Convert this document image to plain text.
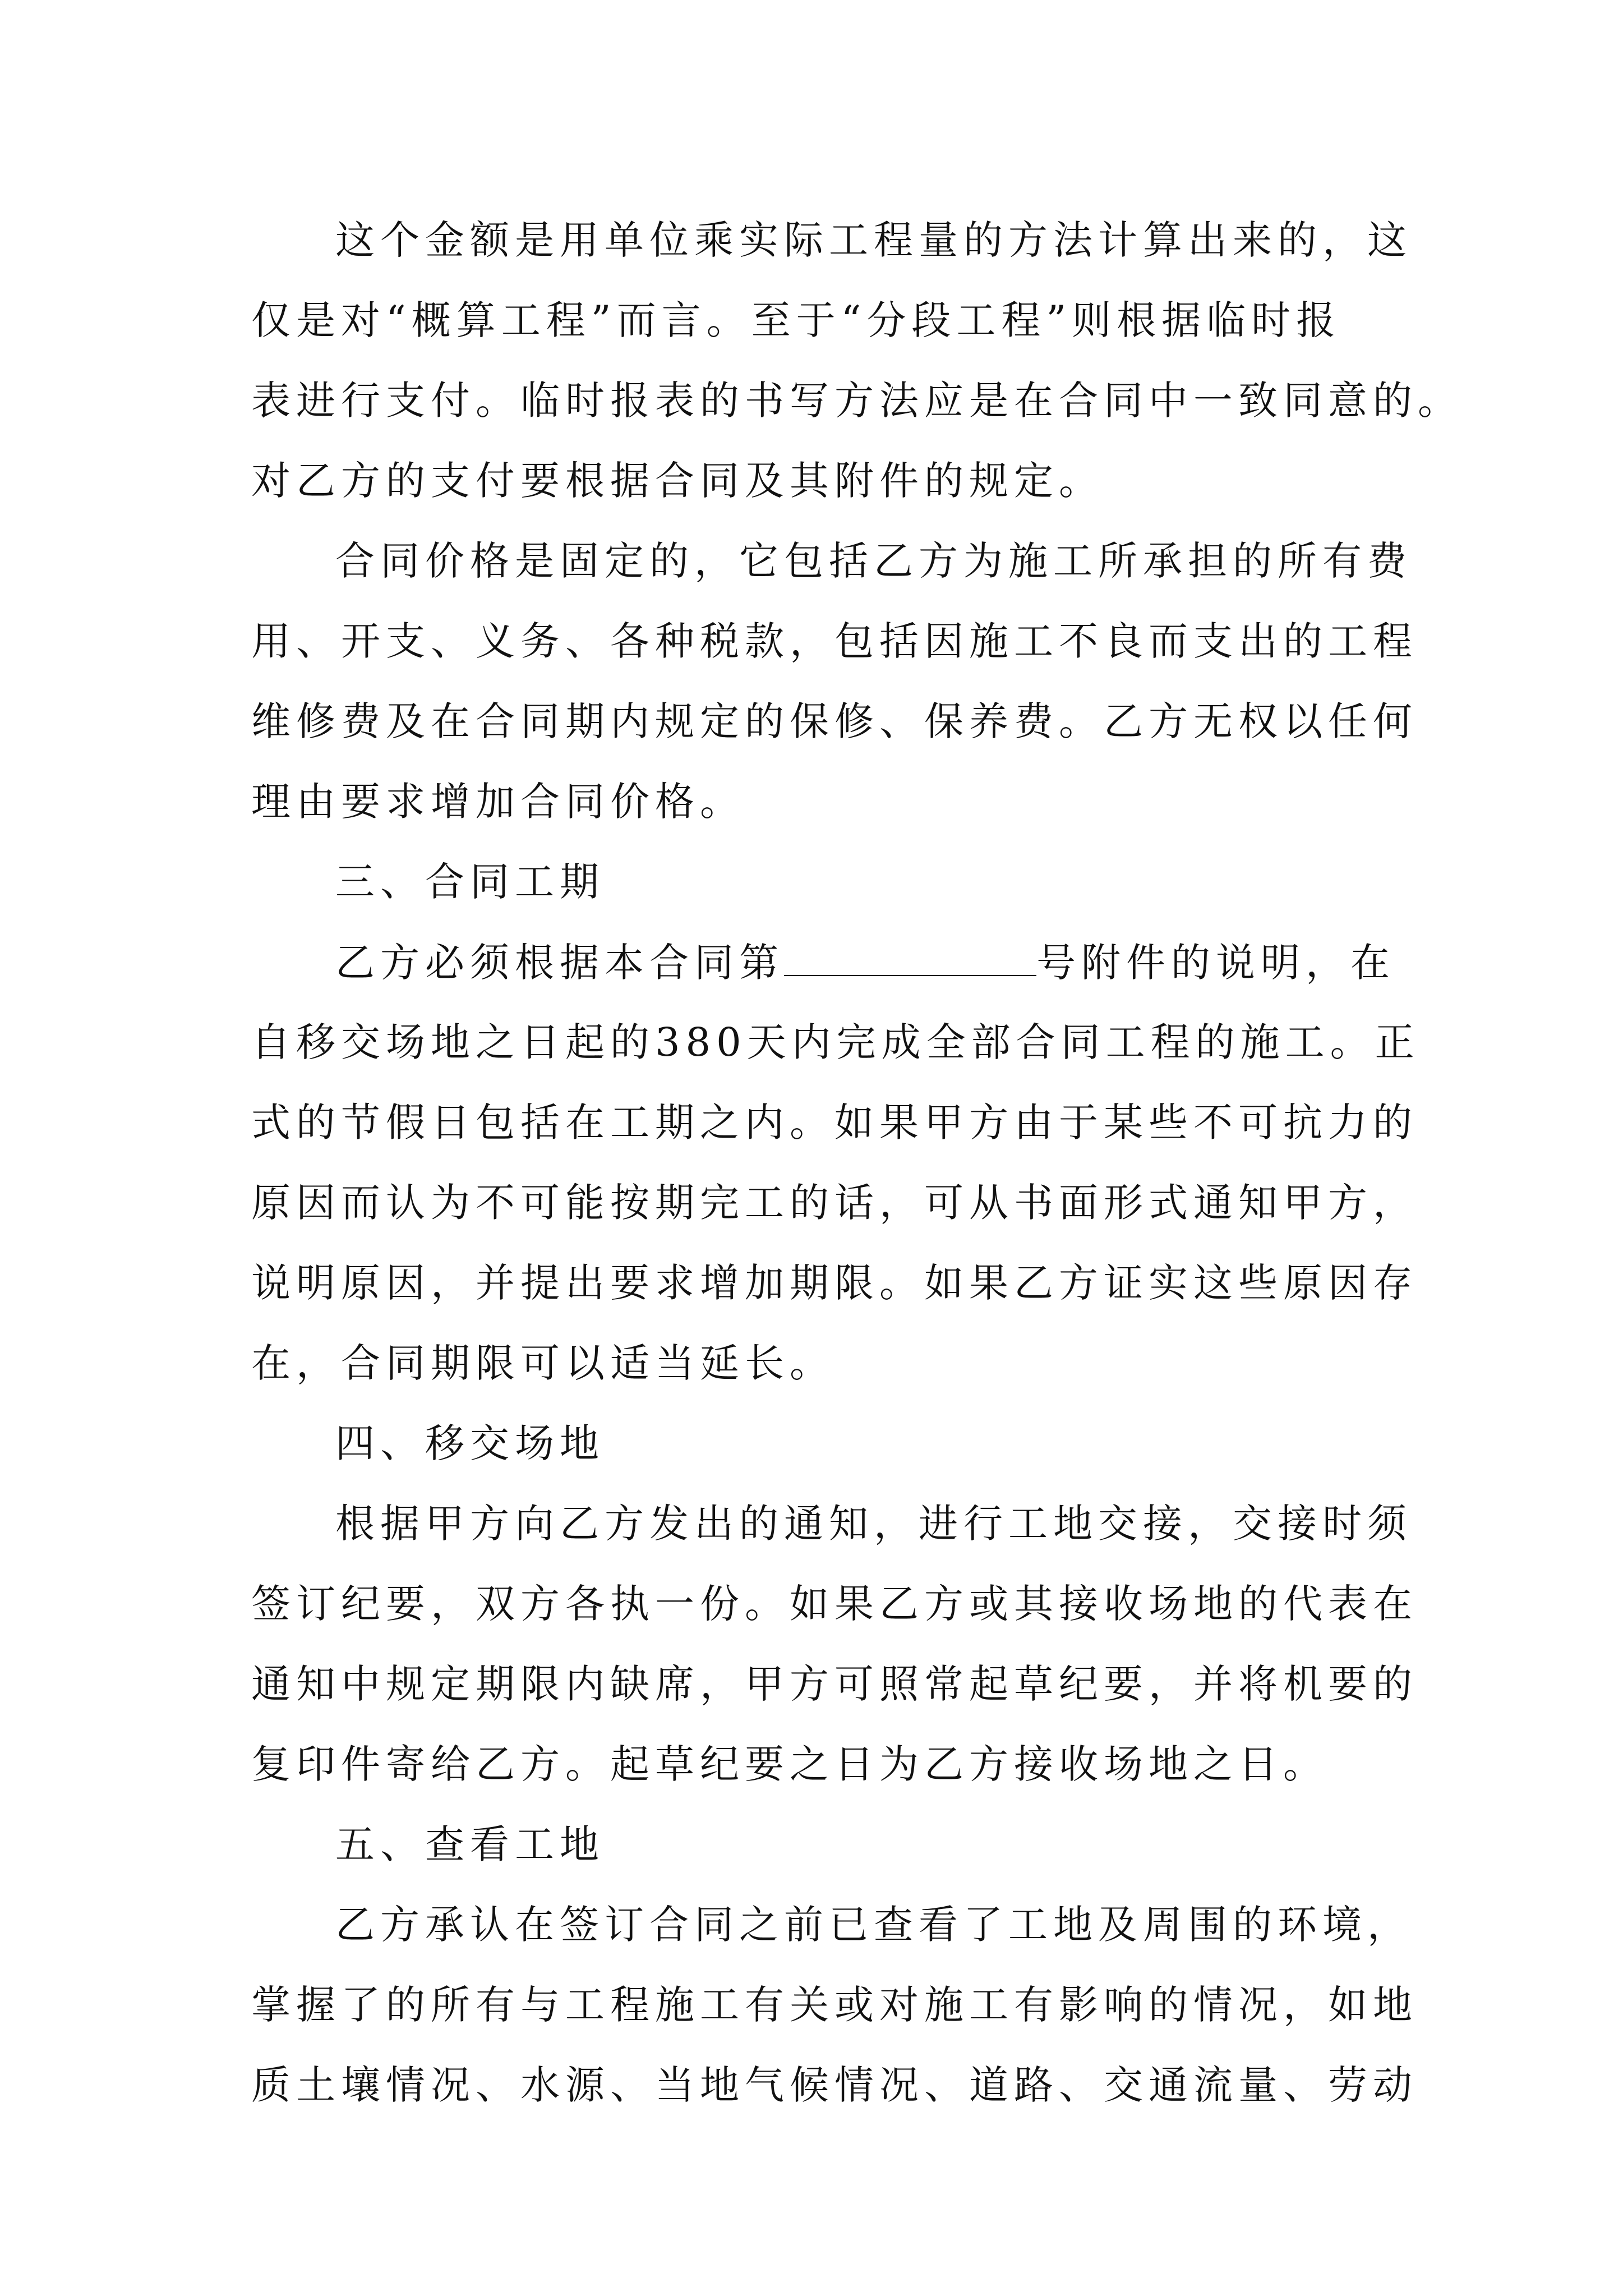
这个金额是用单位乘实际工程量的方法计算出来的，这
仅是对“概算工程”而言。至于“分段工程”则根据临时报
表进行支付。临时报表的书写方法应是在合同中一致同意的。
对乙方的支付要根据合同及其附件的规定。
合同价格是固定的，它包括乙方为施工所承担的所有费
用、开支、义务、各种税款，包括因施工不良而支出的工程
维修费及在合同期内规定的保修、保养费。乙方无权以任何
理由要求增加合同价格。
三、合同工期
乙方必须根据本合同第	号附件的说明，在
自移交场地之日起的380天内完成全部合同工程的施工。正
式的节假日包括在工期之内。如果甲方由于某些不可抗力的
原因而认为不可能按期完工的话，可从书面形式通知甲方，
说明原因，并提出要求增加期限。如果乙方证实这些原因存
在，合同期限可以适当延长。
四、移交场地
根据甲方向乙方发出的通知，进行工地交接，交接时须
签订纪要，双方各执一份。如果乙方或其接收场地的代表在
通知中规定期限内缺席，甲方可照常起草纪要，并将机要的
复印件寄给乙方。起草纪要之日为乙方接收场地之日。
五、查看工地
乙方承认在签订合同之前已查看了工地及周围的环境，
掌握了的所有与工程施工有关或对施工有影响的情况，如地
质土壤情况、水源、当地气候情况、道路、交通流量、劳动
